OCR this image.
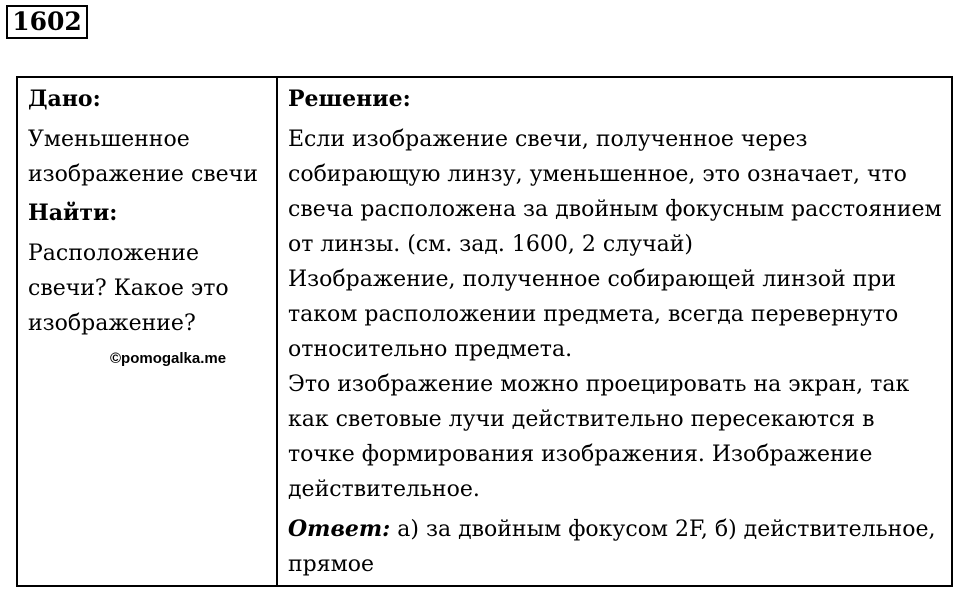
1602
Дано:
Уменьшенное изображение свечи
Найти:
Расположение свечи? Какое это изображение?
©pomogalka.me
Решение:

Если изображение свечи, полученное через собирающую линзу, уменьшенное, это означает, что свеча расположена за двойным фокусным расстоянием от линзы. (см. зад. 1600, 2 случай)

Изображение, полученное собирающей линзой при таком расположении предмета, всегда перевернуто относительно предмета.

Это изображение можно проецировать на экран, так как световые лучи действительно пересекаются в точке формирования изображения. Изображение действительное.

Ответ: а) за двойным фокусом 2F, б) действительное, прямое
